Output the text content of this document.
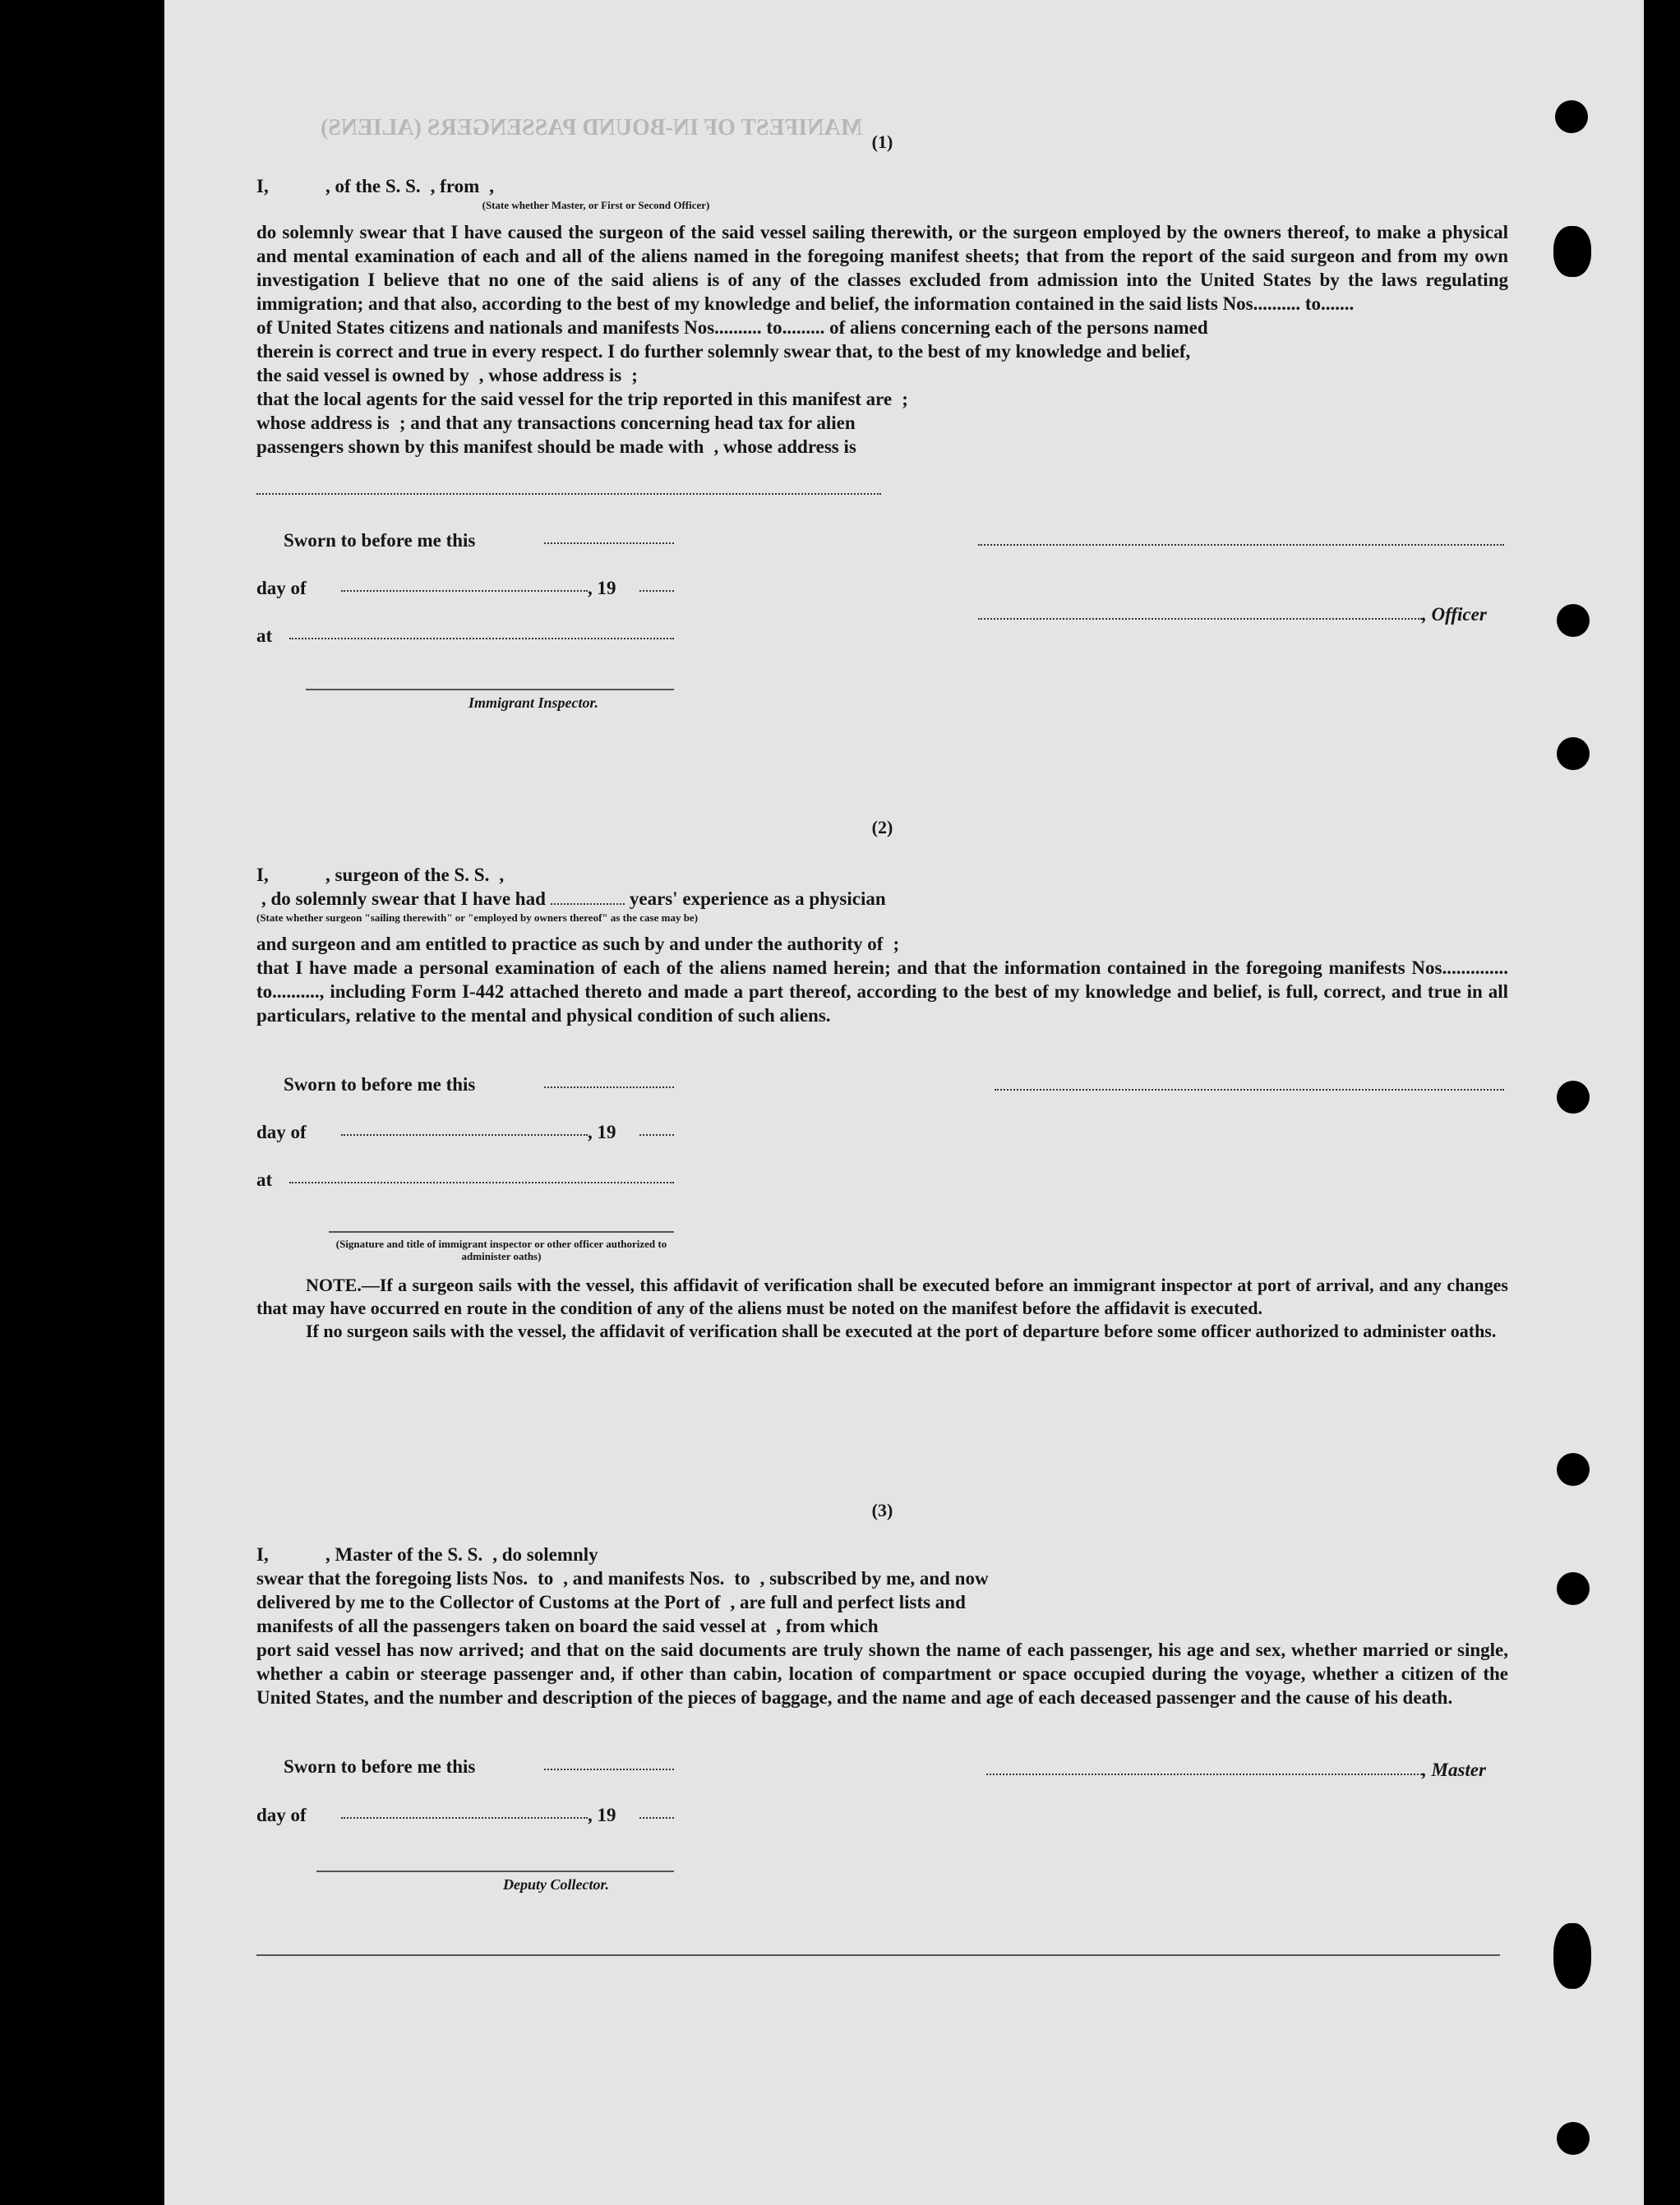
MANIFEST OF IN-BOUND PASSENGERS (ALIENS)

(1)

I,	, of the S. S. , from ,
(State whether Master, or First or Second Officer)

do solemnly swear that I have caused the surgeon of the said vessel sailing therewith, or the surgeon employed by the owners thereof, to make a physical and mental examination of each and all of the aliens named in the foregoing manifest sheets; that from the report of the said surgeon and from my own investigation I believe that no one of the said aliens is of any of the classes excluded from admission into the United States by the laws regulating immigration; and that also, according to the best of my knowledge and belief, the information contained in the said lists Nos.......... to.......

of United States citizens and nationals and manifests Nos.......... to......... of aliens concerning each of the persons named
therein is correct and true in every respect. I do further solemnly swear that, to the best of my knowledge and belief,
the said vessel is owned by , whose address is ;
that the local agents for the said vessel for the trip reported in this manifest are ;
whose address is ; and that any transactions concerning head tax for alien
passengers shown by this manifest should be made with , whose address is
Sworn to before me this
day of	, 19
at
Immigrant Inspector.
, Officer

(2)

I,	, surgeon of the S. S. ,
, do solemnly swear that I have had	years' experience as a physician
(State whether surgeon "sailing therewith" or "employed by owners thereof" as the case may be)
and surgeon and am entitled to practice as such by and under the authority of ;

that I have made a personal examination of each of the aliens named herein; and that the information contained in the foregoing manifests Nos.............. to.........., including Form I-442 attached thereto and made a part thereof, according to the best of my knowledge and belief, is full, correct, and true in all particulars, relative to the mental and physical condition of such aliens.

Sworn to before me this
day of	, 19
at
(Signature and title of immigrant inspector or other officer authorized to administer oaths)

NOTE.—If a surgeon sails with the vessel, this affidavit of verification shall be executed before an immigrant inspector at port of arrival, and any changes that may have occurred en route in the condition of any of the aliens must be noted on the manifest before the affidavit is executed.

If no surgeon sails with the vessel, the affidavit of verification shall be executed at the port of departure before some officer authorized to administer oaths.

(3)

I,	, Master of the S. S. , do solemnly
swear that the foregoing lists Nos. to , and manifests Nos. to , subscribed by me, and now
delivered by me to the Collector of Customs at the Port of , are full and perfect lists and
manifests of all the passengers taken on board the said vessel at , from which

port said vessel has now arrived; and that on the said documents are truly shown the name of each passenger, his age and sex, whether married or single, whether a cabin or steerage passenger and, if other than cabin, location of compartment or space occupied during the voyage, whether a citizen of the United States, and the number and description of the pieces of baggage, and the name and age of each deceased passenger and the cause of his death.

Sworn to before me this
day of	, 19
Deputy Collector.
, Master
